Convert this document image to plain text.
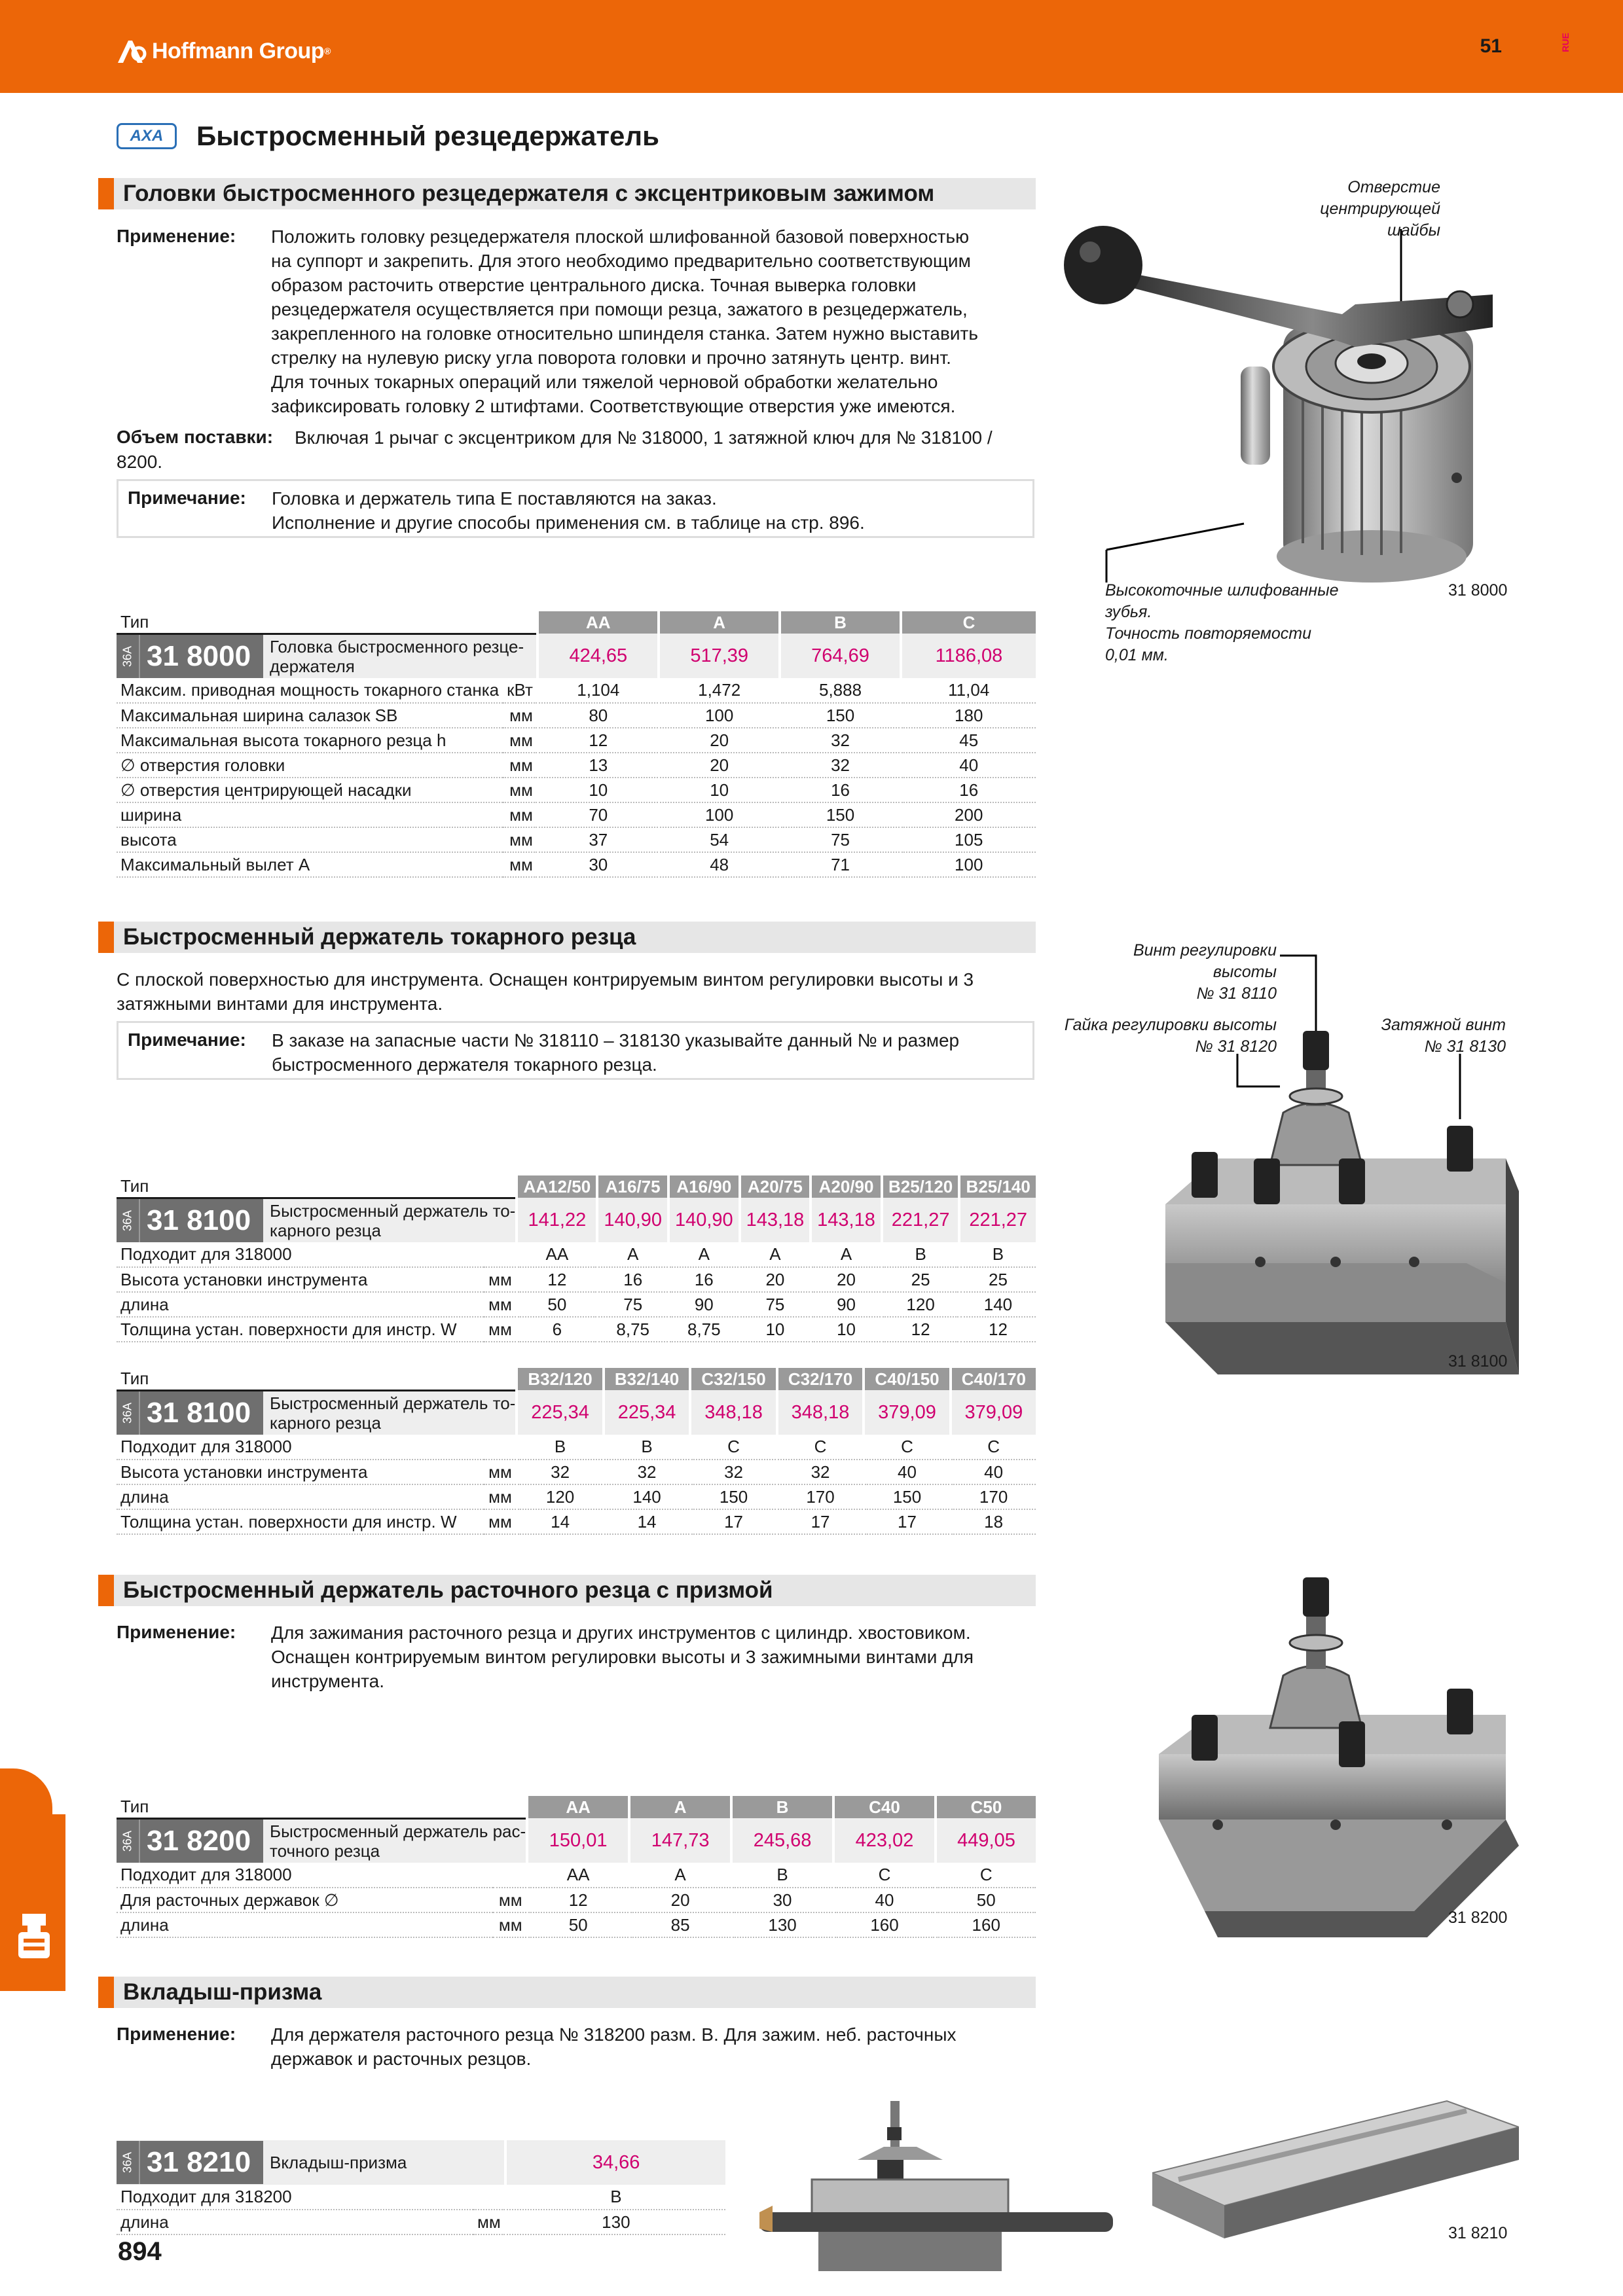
Hoffmann Group ®	51	RUE
AXA	Быстросменный резцедержатель
Головки быстросменного резцедержателя с эксцентриковым зажимом
Применение: Положить головку резцедержателя плоской шлифованной базовой поверхностью
на суппорт и закрепить. Для этого необходимо предварительно соответствующим
образом расточить отверстие центрального диска. Точная выверка головки
резцедержателя осуществляется при помощи резца, зажатого в резцедержатель,
закрепленного на головке относительно шпинделя станка. Затем нужно выставить
стрелку на нулевую риску угла поворота головки и прочно затянуть центр. винт.
Для точных токарных операций или тяжелой черновой обработки желательно
зафиксировать головку 2 штифтами. Соответствующие отверстия уже имеются.
Объем поставки: Включая 1 рычаг с эксцентриком для № 318000, 1 затяжной ключ для № 318100 /
8200.
Примечание: Головка и держатель типа E поставляются на заказ.
Исполнение и другие способы применения см. в таблице на стр. 896.
Отверстие
центрирующей
шайбы
Высокоточные шлифованные
зубья.
Точность повторяемости
0,01 мм.
31 8000
Тип		AA	A	B	C

36A 31 8000 Головка быстросменного резце-
держателя		424,65	517,39	764,69	1186,08
Максим. приводная мощность токарного станка	кВт	1,104	1,472	5,888	11,04
Максимальная ширина салазок SB	мм	80	100	150	180
Максимальная высота токарного резца h	мм	12	20	32	45
∅ отверстия головки	мм	13	20	32	40
∅ отверстия центрирующей насадки	мм	10	10	16	16
ширина	мм	70	100	150	200
высота	мм	37	54	75	105
Максимальный вылет A	мм	30	48	71	100
Быстросменный держатель токарного резца
С плоской поверхностью для инструмента. Оснащен контрируемым винтом регулировки высоты и 3
затяжными винтами для инструмента.
Примечание: В заказе на запасные части № 318110 – 318130 указывайте данный № и размер
быстросменного держателя токарного резца.
Винт регулировки высоты
№ 31 8110
Гайка регулировки высоты
№ 31 8120
Затяжной винт
№ 31 8130
31 8100
Тип		AA12/50	A16/75	A16/90	A20/75	A20/90	B25/120	B25/140

36A 31 8100 Быстросменный держатель то-
карного резца		141,22	140,90	140,90	143,18	143,18	221,27	221,27
Подходит для 318000		AA	A	A	A	A	B	B
Высота установки инструмента	мм	12	16	16	20	20	25	25
длина	мм	50	75	90	75	90	120	140
Толщина устан. поверхности для инстр. W	мм	6	8,75	8,75	10	10	12	12
Тип		B32/120	B32/140	C32/150	C32/170	C40/150	C40/170

36A 31 8100 Быстросменный держатель то-
карного резца		225,34	225,34	348,18	348,18	379,09	379,09
Подходит для 318000		B	B	C	C	C	C
Высота установки инструмента	мм	32	32	32	32	40	40
длина	мм	120	140	150	170	150	170
Толщина устан. поверхности для инстр. W	мм	14	14	17	17	17	18
Быстросменный держатель расточного резца с призмой
Применение: Для зажимания расточного резца и других инструментов с цилиндр. хвостовиком.
Оснащен контрируемым винтом регулировки высоты и 3 зажимными винтами для
инструмента.
31 8200
Тип		AA	A	B	C40	C50

36A 31 8200 Быстросменный держатель рас-
точного резца		150,01	147,73	245,68	423,02	449,05
Подходит для 318000		AA	A	B	C	C
Для расточных державок ∅	мм	12	20	30	40	50
длина	мм	50	85	130	160	160
Вкладыш-призма
Применение: Для держателя расточного резца № 318200 разм. B. Для зажим. неб. расточных
державок и расточных резцов.
31 8210
36A 31 8210 Вкладыш-призма		34,66
Подходит для 318200		B
длина	мм	130
894
